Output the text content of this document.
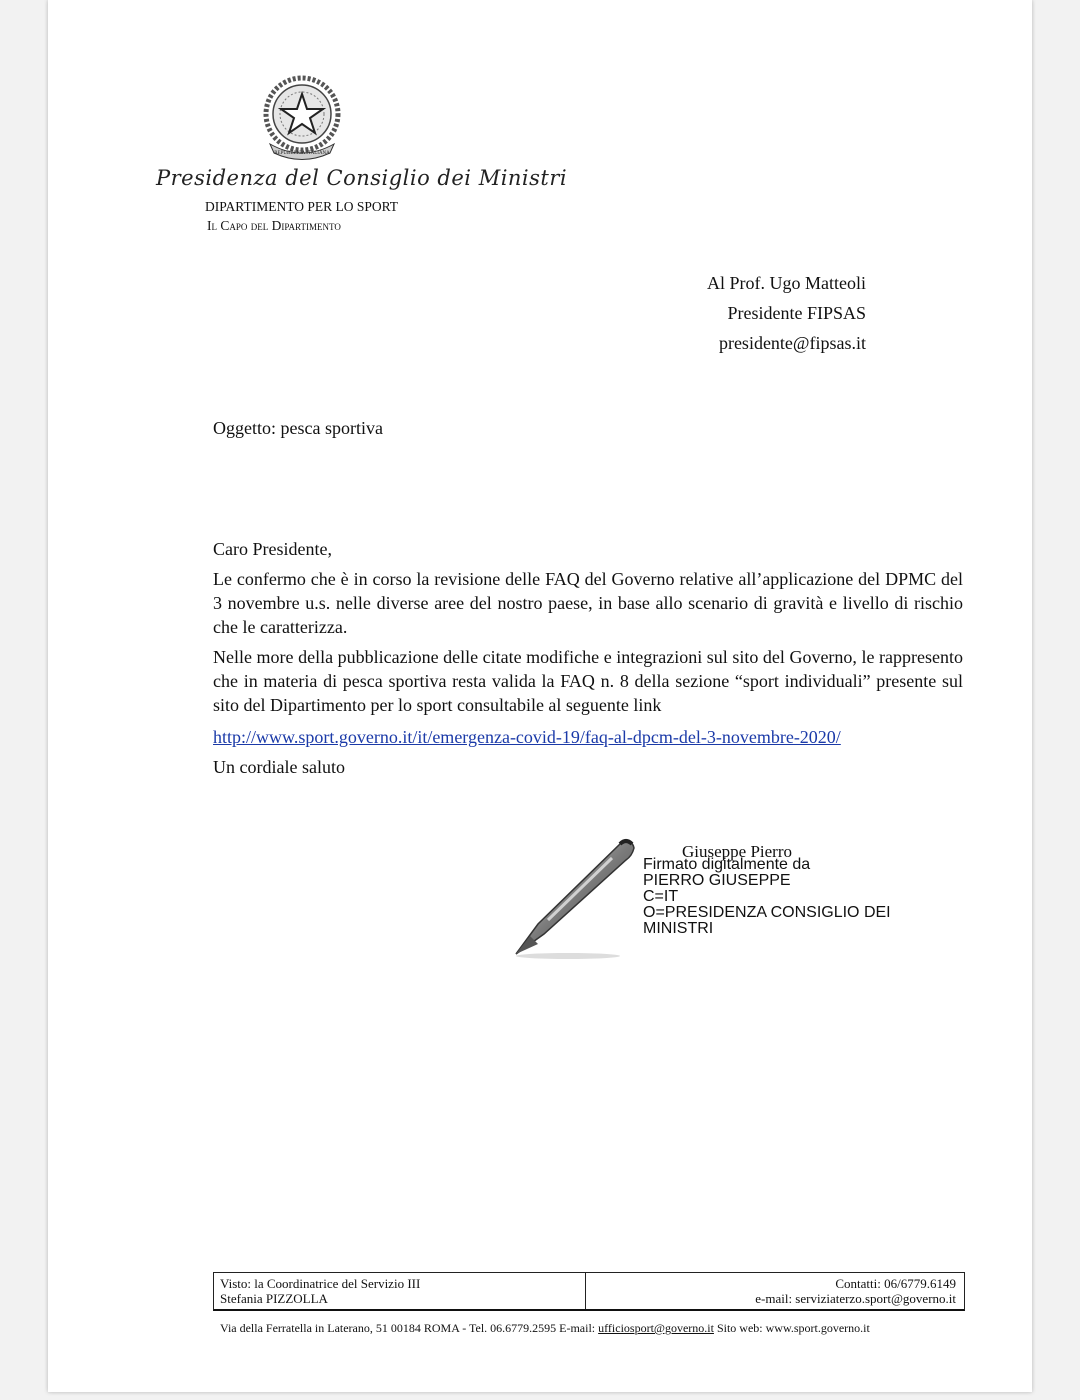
REPUBBLICA ITALIANA
Presidenza del Consiglio dei Ministri
DIPARTIMENTO PER LO SPORT
Il Capo del Dipartimento
Al Prof. Ugo Matteoli
Presidente FIPSAS
presidente@fipsas.it
Oggetto: pesca sportiva

Caro Presidente,

Le confermo che è in corso la revisione delle FAQ del Governo relative all’applicazione del DPMC del 3 novembre u.s. nelle diverse aree del nostro paese, in base allo scenario di gravità e livello di rischio che le caratterizza.

Nelle more della pubblicazione delle citate modifiche e integrazioni sul sito del Governo, le rappresento che in materia di pesca sportiva resta valida la FAQ n. 8 della sezione “sport individuali” presente sul sito del Dipartimento per lo sport consultabile al seguente link

http://www.sport.governo.it/it/emergenza-covid-19/faq-al-dpcm-del-3-novembre-2020/

Un cordiale saluto

Giuseppe Pierro
Firmato digitalmente da
PIERRO GIUSEPPE
C=IT
O=PRESIDENZA CONSIGLIO DEI
MINISTRI
Visto: la Coordinatrice del Servizio III
Stefania PIZZOLLA
Contatti: 06/6779.6149
e-mail: serviziaterzo.sport@governo.it
Via della Ferratella in Laterano, 51 00184 ROMA - Tel. 06.6779.2595 E-mail: ufficiosport@governo.it Sito web: www.sport.governo.it
